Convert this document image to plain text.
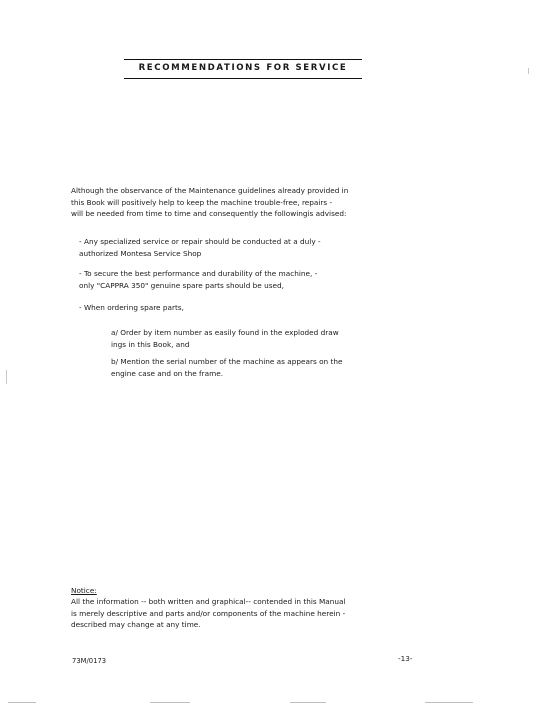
RECOMMENDATIONS FOR SERVICE
Although the observance of the Maintenance guidelines already provided in
this Book will positively help to keep the machine trouble-free, repairs -
will be needed from time to time and consequently the followingis advised:
- Any specialized service or repair should be conducted at a duly -
authorized Montesa Service Shop
- To secure the best performance and durability of the machine, -
only "CAPPRA 350" genuine spare parts should be used,
- When ordering spare parts,
a/ Order by item number as easily found in the exploded draw
ings in this Book, and
b/ Mention the serial number of the machine as appears on the
engine case and on the frame.
Notice:
All the information -- both written and graphical-- contended in this Manual
is merely descriptive and parts and/or components of the machine herein -
described may change at any time.
73M/0173	-13-
